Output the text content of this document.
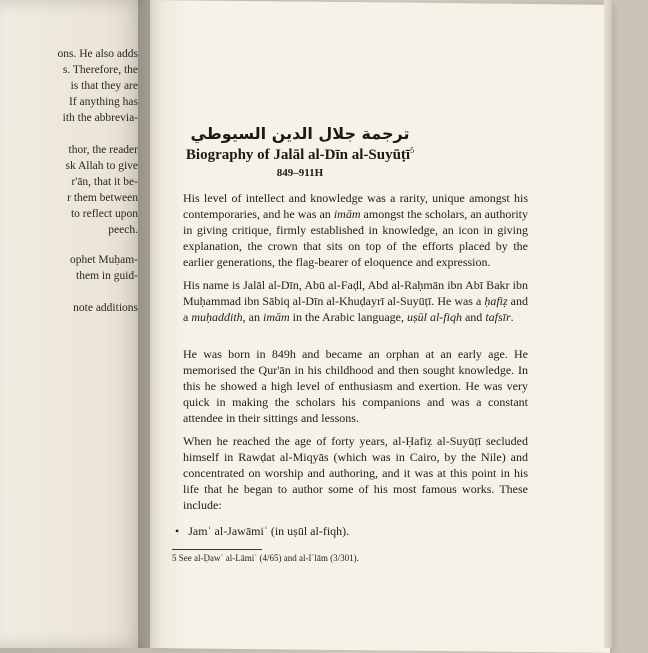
ons. He also adds
s. Therefore, the
is that they are
If anything has
ith the abbrevia-
thor, the reader
sk Allah to give
r'ān, that it be-
r them between
to reflect upon
peech.
ophet Muḥam-
them in guid-
note additions
ترجمة جلال الدين السيوطي
Biography of Jalāl al-Dīn al-Suyūṭī$^5$
849–911H
His level of intellect and knowledge was a rarity, unique amongst his contemporaries, and he was an imām amongst the scholars, an authority in giving critique, firmly established in knowledge, an icon in giving explanation, the crown that sits on top of the efforts placed by the earlier generations, the flag-bearer of eloquence and expression.
His name is Jalāl al-Dīn, Abū al-Faḍl, Abd al-Raḥmān ibn Abī Bakr ibn Muḥammad ibn Sābiq al-Dīn al-Khuḍayrī al-Suyūṭī. He was a ḥafiẓ and a muḥaddith, an imām in the Arabic language, uṣūl al-fiqh and tafsīr.
He was born in 849h and became an orphan at an early age. He memorised the Qur'ān in his childhood and then sought knowledge. In this he showed a high level of enthusiasm and exertion. He was very quick in making the scholars his companions and was a constant attendee in their sittings and lessons.
When he reached the age of forty years, al-Ḥafiẓ al-Suyūṭī secluded himself in Rawḍat al-Miqyās (which was in Cairo, by the Nile) and concentrated on worship and authoring, and it was at this point in his life that he began to author some of his most famous works. These include:
•   Jamʿ al-Jawāmiʿ (in uṣūl al-fiqh).
5 See al-Ḍawʾ al-Lāmiʿ (4/65) and al-Iʿlām (3/301).
